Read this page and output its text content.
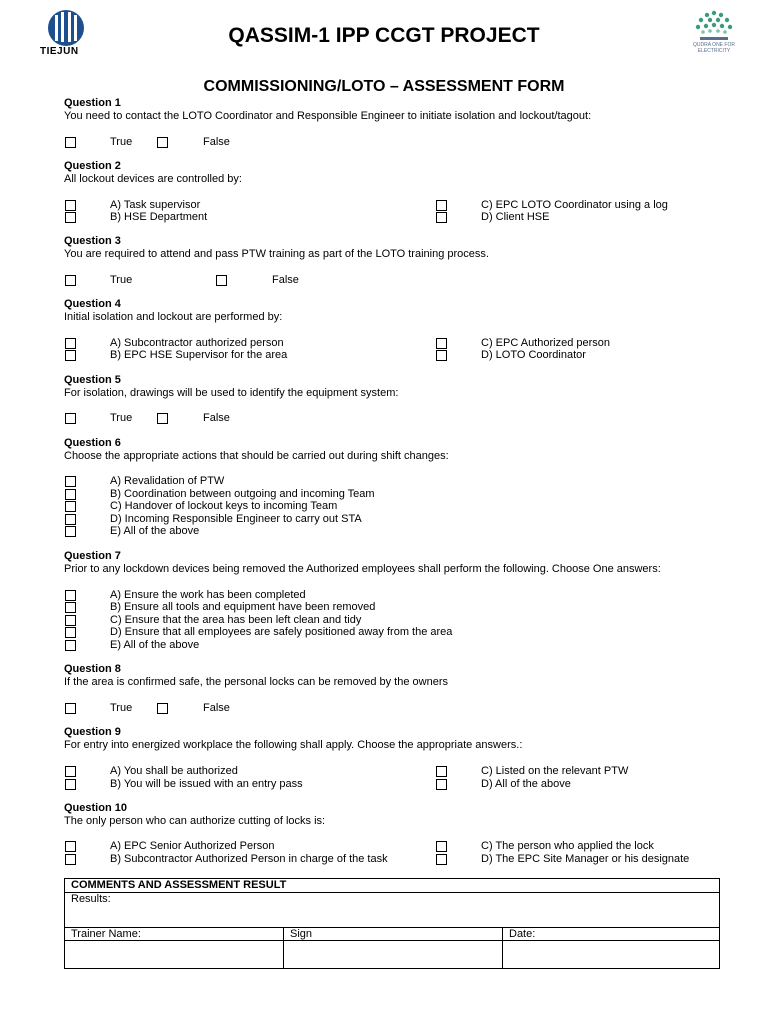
TIEJUN
QASSIM-1 IPP CCGT PROJECT	QUDRA ONE FOR ELECTRICITY
COMMISSIONING/LOTO – ASSESSMENT FORM
Question 1
You need to contact the LOTO Coordinator and Responsible Engineer to initiate isolation and lockout/tagout:
True	False
Question 2
All lockout devices are controlled by:
A) Task supervisor
B) HSE Department
C) EPC LOTO Coordinator using a log
D) Client HSE
Question 3
You are required to attend and pass PTW training as part of the LOTO training process.
True	False
Question 4
Initial isolation and lockout are performed by:
A) Subcontractor authorized person
B) EPC HSE Supervisor for the area
C) EPC Authorized person
D) LOTO Coordinator
Question 5
For isolation, drawings will be used to identify the equipment system:
True	False
Question 6
Choose the appropriate actions that should be carried out during shift changes:
A) Revalidation of PTW
B) Coordination between outgoing and incoming Team
C) Handover of lockout keys to incoming Team
D) Incoming Responsible Engineer to carry out STA
E) All of the above
Question 7
Prior to any lockdown devices being removed the Authorized employees shall perform the following. Choose One answers:
A) Ensure the work has been completed
B) Ensure all tools and equipment have been removed
C) Ensure that the area has been left clean and tidy
D) Ensure that all employees are safely positioned away from the area
E) All of the above
Question 8
If the area is confirmed safe, the personal locks can be removed by the owners
True	False
Question 9
For entry into energized workplace the following shall apply. Choose the appropriate answers.:
A) You shall be authorized
B) You will be issued with an entry pass
C) Listed on the relevant PTW
D) All of the above
Question 10
The only person who can authorize cutting of locks is:
A) EPC Senior Authorized Person
B) Subcontractor Authorized Person in charge of the task
C) The person who applied the lock
D) The EPC Site Manager or his designate
COMMENTS AND ASSESSMENT RESULT		
Results:		
Trainer Name:	Sign	Date:
